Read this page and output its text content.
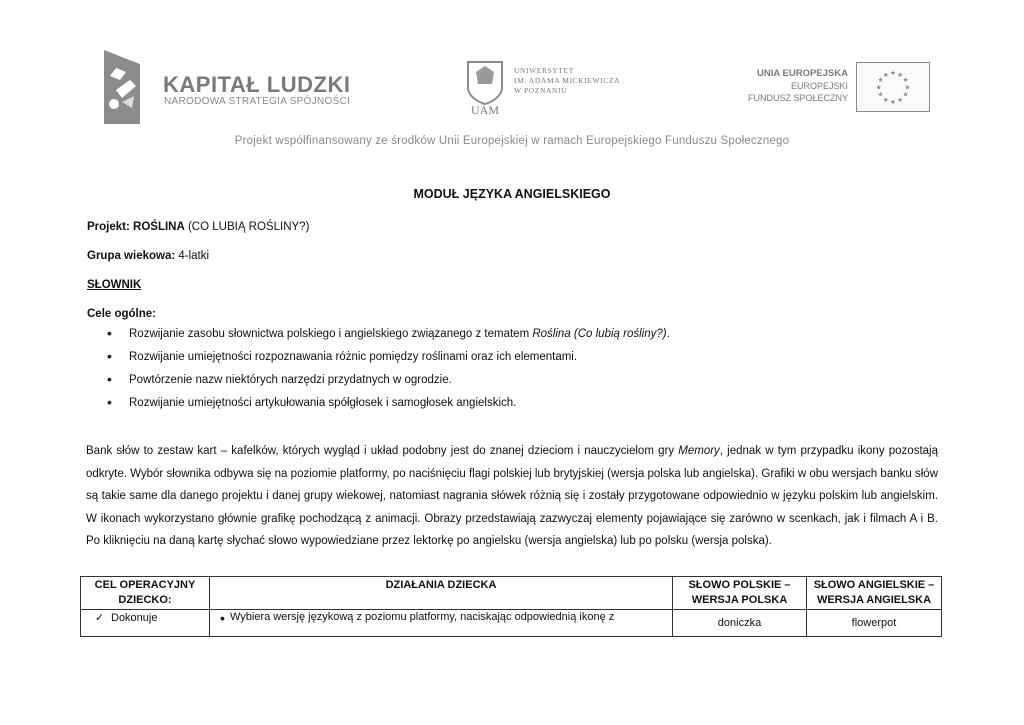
KAPITAŁ LUDZKI
NARODOWA STRATEGIA SPÓJNOŚCI
UAM
UNIWERSYTET
IM. ADAMA MICKIEWICZA
W POZNANIU
UNIA EUROPEJSKA
EUROPEJSKI
FUNDUSZ SPOŁECZNY
★ ★
★
★
★
★
★
★
★
★
★
★
Projekt współfinansowany ze środków Unii Europejskiej w ramach Europejskiego Funduszu Społecznego
MODUŁ JĘZYKA ANGIELSKIEGO
Projekt: ROŚLINA (CO LUBIĄ ROŚLINY?)
Grupa wiekowa: 4-latki
SŁOWNIK
Cele ogólne:
• Rozwijanie zasobu słownictwa polskiego i angielskiego związanego z tematem Roślina (Co lubią rośliny?).
• Rozwijanie umiejętności rozpoznawania różnic pomiędzy roślinami oraz ich elementami.
• Powtórzenie nazw niektórych narzędzi przydatnych w ogrodzie.
• Rozwijanie umiejętności artykułowania spółgłosek i samogłosek angielskich.
Bank słów to zestaw kart – kafelków, których wygląd i układ podobny jest do znanej dzieciom i nauczycielom gry Memory, jednak w tym przypadku ikony pozostają odkryte. Wybór słownika odbywa się na poziomie platformy, po naciśnięciu flagi polskiej lub brytyjskiej (wersja polska lub angielska). Grafiki w obu wersjach banku słów są takie same dla danego projektu i danej grupy wiekowej, natomiast nagrania słówek różnią się i zostały przygotowane odpowiednio w języku polskim lub angielskim. W ikonach wykorzystano głównie grafikę pochodzącą z animacji. Obrazy przedstawiają zazwyczaj elementy pojawiające się zarówno w scenkach, jak i filmach A i B. Po kliknięciu na daną kartę słychać słowo wypowiedziane przez lektorkę po angielsku (wersja angielska) lub po polsku (wersja polska).
CEL OPERACYJNY DZIECKO:	DZIAŁANIA DZIECKA	SŁOWO POLSKIE – WERSJA POLSKA	SŁOWO ANGIELSKIE – WERSJA ANGIELSKA
✓ Dokonuje	• Wybiera wersję językową z poziomu platformy, naciskając odpowiednią ikonę z	doniczka	flowerpot
